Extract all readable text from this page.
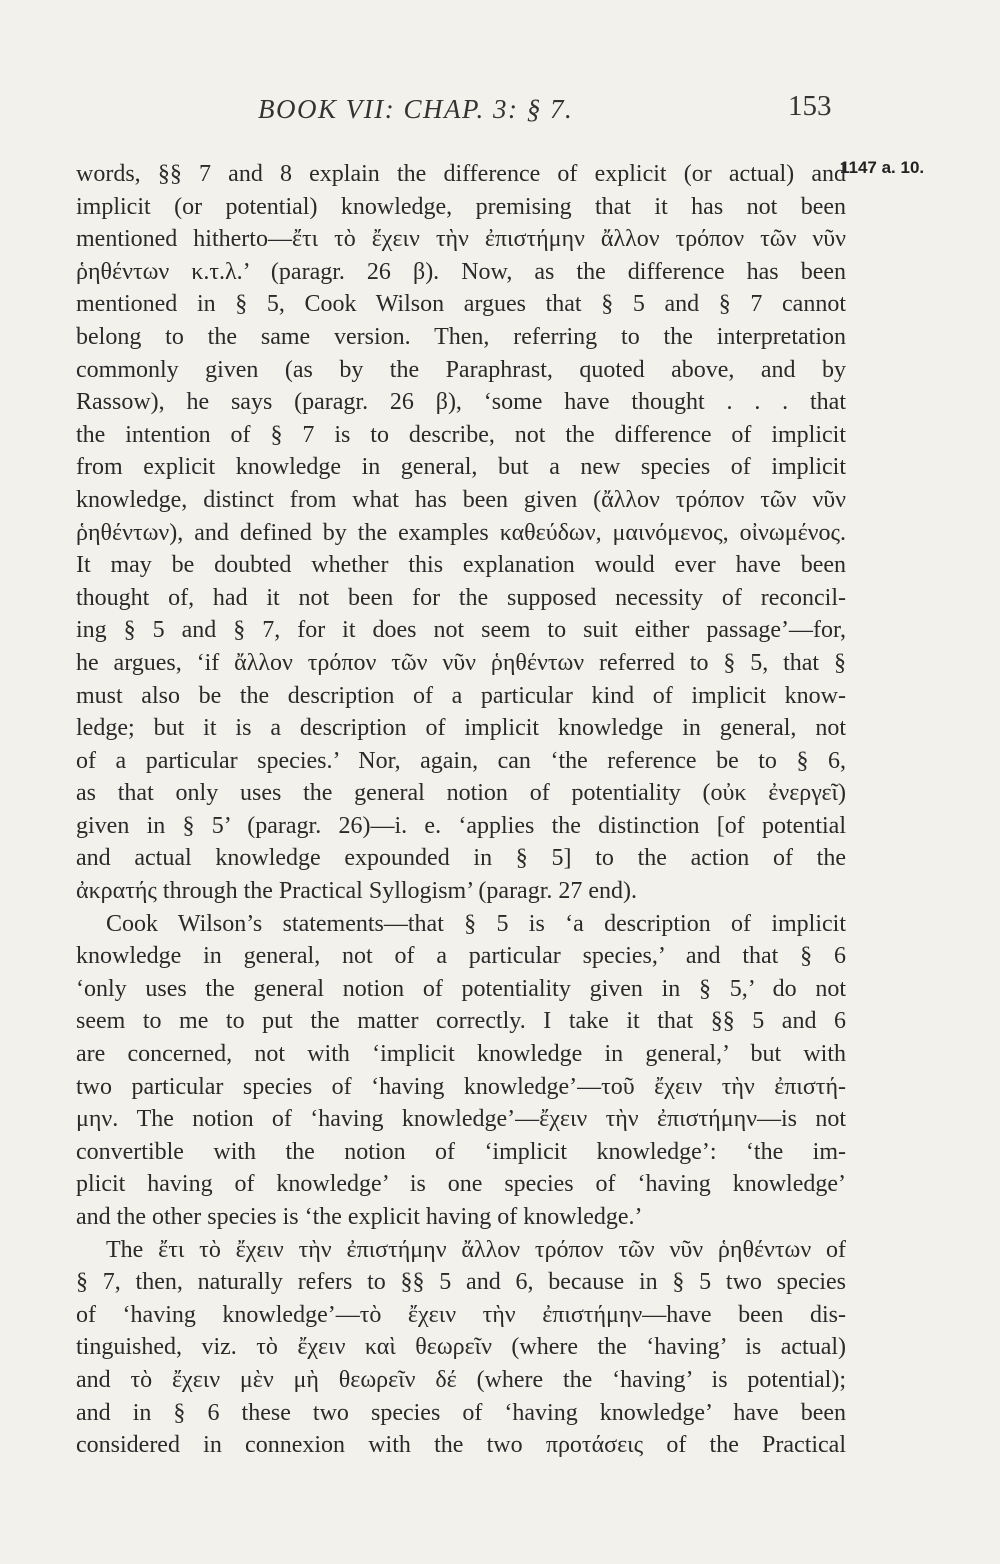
BOOK VII: CHAP. 3: § 7.	153
1147 a. 10.
words, §§ 7 and 8 explain the difference of explicit (or actual) and
implicit (or potential) knowledge, premising that it has not been
mentioned hitherto—ἔτι τὸ ἔχειν τὴν ἐπιστήμην ἄλλον τρόπον τῶν νῦν
ῥηθέντων κ.τ.λ.’ (paragr. 26 β). Now, as the difference has been
mentioned in § 5, Cook Wilson argues that § 5 and § 7 cannot
belong to the same version. Then, referring to the interpretation
commonly given (as by the Paraphrast, quoted above, and by
Rassow), he says (paragr. 26 β), ‘some have thought . . . that
the intention of § 7 is to describe, not the difference of implicit
from explicit knowledge in general, but a new species of implicit
knowledge, distinct from what has been given (ἄλλον τρόπον τῶν νῦν
ῥηθέντων), and defined by the examples καθεύδων, μαινόμενος, οἰνωμένος.
It may be doubted whether this explanation would ever have been
thought of, had it not been for the supposed necessity of reconcil-
ing § 5 and § 7, for it does not seem to suit either passage’—for,
he argues, ‘if ἄλλον τρόπον τῶν νῦν ῥηθέντων referred to § 5, that §
must also be the description of a particular kind of implicit know-
ledge; but it is a description of implicit knowledge in general, not
of a particular species.’ Nor, again, can ‘the reference be to § 6,
as that only uses the general notion of potentiality (οὐκ ἐνεργεῖ)
given in § 5’ (paragr. 26)—i. e. ‘applies the distinction [of potential
and actual knowledge expounded in § 5] to the action of the
ἀκρατής through the Practical Syllogism’ (paragr. 27 end).
Cook Wilson’s statements—that § 5 is ‘a description of implicit
knowledge in general, not of a particular species,’ and that § 6
‘only uses the general notion of potentiality given in § 5,’ do not
seem to me to put the matter correctly. I take it that §§ 5 and 6
are concerned, not with ‘implicit knowledge in general,’ but with
two particular species of ‘having knowledge’—τοῦ ἔχειν τὴν ἐπιστή-
μην. The notion of ‘having knowledge’—ἔχειν τὴν ἐπιστήμην—is not
convertible with the notion of ‘implicit knowledge’: ‘the im-
plicit having of knowledge’ is one species of ‘having knowledge’
and the other species is ‘the explicit having of knowledge.’
The ἔτι τὸ ἔχειν τὴν ἐπιστήμην ἄλλον τρόπον τῶν νῦν ῥηθέντων of
§ 7, then, naturally refers to §§ 5 and 6, because in § 5 two species
of ‘having knowledge’—τὸ ἔχειν τὴν ἐπιστήμην—have been dis-
tinguished, viz. τὸ ἔχειν καὶ θεωρεῖν (where the ‘having’ is actual)
and τὸ ἔχειν μὲν μὴ θεωρεῖν δέ (where the ‘having’ is potential);
and in § 6 these two species of ‘having knowledge’ have been
considered in connexion with the two προτάσεις of the Practical
